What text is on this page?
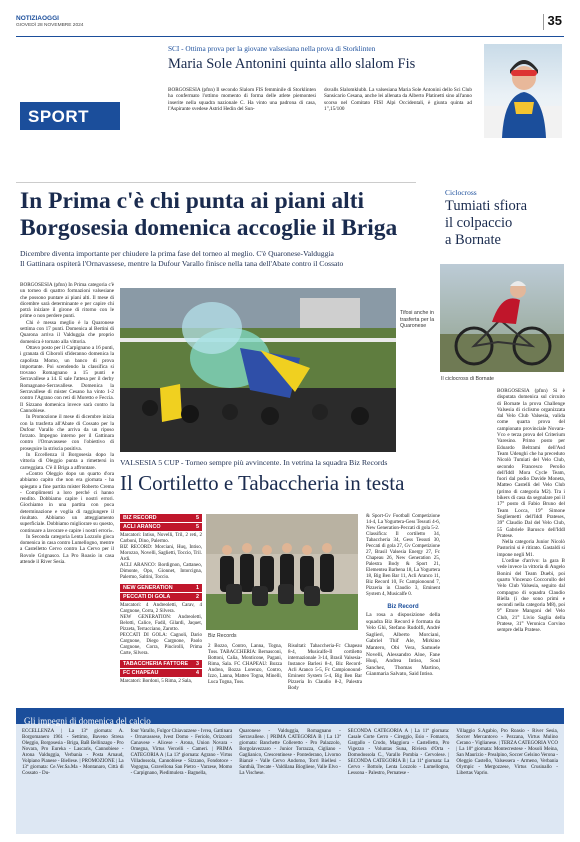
NOTIZIAOGGI
GIOVEDÌ 28 NOVEMBRE 2024	35
SPORT
SCI - Ottima prova per la giovane valsesiana nella prova di Storklinten
Maria Sole Antonini quinta allo slalom Fis

BORGOSESIA (pfnn) Il secondo Slalom FIS femminile di Storklinten ha confermato l'ottimo momento di forma delle atlete piemontesi inserite nella squadra nazionale C. Ha vinto una padrona di casa, l'Aspirante svedese Astrid Hedin del Sun-

dsvalls Slalomklubb. La valsesiana Maria Sole Antonini dello Sci Club Sansicario Cesana, anche lei allenata da Alberto Platinetti sino all'anno scorso nel Comitato FISI Alpi Occidentali, è giunta quinta ad 1",15/100

In Prima c'è chi punta ai piani alti
Borgosesia domenica accoglie il Briga
Dicembre diventa importante per chiudere la prima fase del torneo al meglio. C'è Quaronese-Valduggia
Il Gattinara ospiterà l'Ornavassese, mentre la Dufour Varallo finisce nella tana dell'Abate contro il Cossato

BORGOSESIA (pfnn) In Prima categoria c'è un torneo di quattro formazioni valsesiane che possono puntare ai piani alti. Il mese di dicembre sarà determinante e per capire chi potrà iniziare il girone di ritorno con le prime o non perdere punti.

Chi è messa meglio è la Quaronese settima con 17 punti. Domenica al Bertini di Quarona arriva il Valduggia che proprio domenica è tornato alla vittoria.

Ottavo posto per il Carpignano a 16 punti, i granata di Ciboroli sfideranno domenica la capolista Momo, un banco di prova importante. Poi scendendo la classifica si trovano Romagnano a 15 punti e Serravallese a 14. E sale l'attesa per il derby Romagnano-Serravallese. Domenica la Serravallese di mister Cesano ha vinto 1-2 contro l'Agrano con reti di Moretto e Feccia. Il Sizzano domenica invece sarà contro la Cannobiese.

In Promozione il mese di dicembre inizia con la trasferta all'Abate di Cossato per la Dufour Varallo che arriva da un riposo forzato. Impegno interno per il Gattinara contro l'Ornavassese con l'obiettivo di proseguire la striscia positiva.

In Eccellenza il Borgosesia dopo la vittoria di Oleggio punta a rimettersi in carreggiata. C'è il Briga a affrontare.

«Contro Oleggio dopo un quarto d'ora abbiamo capito che non era giornata - ha spiegato a fine partita mister Roberto Crema - Complimenti a loro perché ci hanno rendito. Dobbiamo capire i nostri errori. Giochiamo in una partita con poca determinazione e voglia di raggiungere il risultato. Abbiamo un atteggiamento superficiale. Dobbiamo migliorare su questo, continuare a lavorare e capire i nostri errori».

In Seconda categoria Lenta Lozzolo gioca domenica in casa contro Lumellogno, mentre a Castelletto Cervo contro La Cervo per il Rovole Grignasco. La Pro Roasio in casa attende il River Sesia.

Tifosi anche in trasferta per la Quaronese
Ciclocross
Tumiati sfiora
il colpaccio
a Bornate
Il ciclocross di Bornate

BORGOSESIA (pfnn) Si è disputata domenica sul circuito di Bornate la prova Challenge Valsesia di ciclismo organizzata dal Velo Club Valsesia, valida come quarta prova del campionato provinciale Novara-Vco e terza prova del Criterium Varesino. Primo posto per Edoardo Beltrami dell'Asd Team Udenghi che ha preceduto Nicolò Tumiati del Velo Club, secondo Francesco Perolio dell'Iddl Mora Cycle Team, fuori dal podio Davide Moneta, Matteo Castelli del Velo Club (primo di categoria M2). Tra i bikers di casa da segnalare poi il 17° posto di Fabio Bruno del Team Locca, 19° Simone Sogliemetti dell'Iddl Prateses, 39° Claudio Dal del Velo Club, 55 Gabriele Barusco dell'Iddl Pratese.

Nella categoria Junior Nicolò Pastorini si è ritirato. Gastaldi si impone negli M1.

L'ordine d'arrivo: la gara B vede invece la vittoria di Angelo Bonini del Team Duebì, poi quarto Vincenzo Coccorullo del Velo Club Valsesia, seguito dal compagno di squadra Claudio Biella (i due sono primi e secondi nella categoria M8), poi 9° Ettore Mangoni del Velo Club, 21° Livio Saglia della Pratese, 31° Veronica Corvino sempre della Pratese.

VALSESIA 5 CUP - Torneo sempre più avvincente. In vetrina la squadra Biz Records
Il Cortiletto e Tabaccheria in testa
BIZ RECORD	5
ACLI ARANCO	5

Marcatori: Intiso, Novelli, Tril, 2 reti, 2 Carboni, Dino, Palermo.

BIZ RECORD: Morciani, Huq, Intiso, Morozzo, Novelli, Saglietti, Toccio, Tril. Ardi.

ACLI ARANCO: Bordignon, Cattaneo, Dimonte, Opo, Gionnet, Intorcigna, Palermo, Saltini, Toccio.

NEW GENERATION	1
PECCATI DI GOLA	2

Marcatori: 4 Andreoletti, Carav, 4 Cargnone, Corra, 2 Silvera.

NEW GENERATION: Andreoletti, Belotti, Calice, Fadil, Gilardi, Jaquet, Pizzeta, Terracciano, Zarotto.

PECCATI DI GOLA: Cagnoli, Dario Cargnone, Diego Cargnone, Paolo Cargnone, Corra, Pincirolli, Prima Carte, Silvera.

TABACCHERIA FATTORE 3
FC CHAPEAU	4

Marcatori: Bordoni, 5 Rima, 2 Sala,

Biz Records

2 Bozzo, Contro, Lanna, Togna, Toss. TABACCHERIA: Bernasconi, Bottoni, Calia, Monticone, Pagani, Rima, Sala. FC CHAPEAU: Bozza Andrea, Bozza Lorenzo, Contro, Izzo, Lanna, Matteo Togna, Minelli, Luca Togna, Toss.

Risultati: Tabaccheria-Fc Chapeau 8-4, Musicalfe-Il cortiletto internazionale 3-14, Brasil Valsesia-Instance Barlesi 8-4, Biz Record-Acli Aranco 5-5, Fc Campionound-Eminent System 5-4, Big Ben Bar Pizzeria In Claudio 8-2, Palestra Body

& Sport-Gv Football Competizione 14-4, La Yogurtera-Gess Tessuti 4-6, New Generation-Peccati di gola 5-2.

Classifica: Il cortiletto 34, Tabaccheria 34, Gess Tessuti 30, Peccati di gola 27, Gv Competizione 27, Brasil Valsesia Energy 27, Fc Chapeau 26, New Generation 25, Palestra Body & Sport 21, Elementea Barbena 18, La Yogurtera 18, Big Ben Bar 11, Acli Aranco 11, Biz Record 10, Fc Campionound 7, Pizzeria in Claudio 3, Eminent System 4, Musicalfe 0.

Biz Record

La rosa a disposizione della squadra Biz Record è formata da Velo Ghi, Stefano Rudolfi, André Saglieri, Alberto Morciani, Gabriel Thif Ale, Mirkino Mantero, Obi Vera, Samuele Novelli, Alessandro Aloe, Fane Huqi, Andrea Intiso, Soul Sanchez, Thomas Martino, Gianmaria Salvato, Said Intiso.

Gli impegni di domenica del calcio

ECCELLENZA | La 13ª giornata: A. Borgomanero 1961 - Settimo, Baveno Stresa Oleggio, Borgosesia - Briga, BaB Bellinzago - Pro Novara, Pro Eureka - Lascaris, Cannobiese - Arona Valduggia, Verbania - Posta Arnaud, Volpiano Pianese - Biellese. | PROMOZIONE | La 13ª giornata: Ce.Ver.Sa.Ma - Montanaro, Città di Cossato - Du-

four Varallo, Fulgor Chiavazzese - Ivrea, Gattinara - Ornavassese, Ivest Domo - Feriolo, Orizzonti Canavese - Alicese - Arona, Union Novara - Omegna, Virtus Vercelli - Cameri. | PRIMA CATEGORIA A | La 13ª giornata: Agrano - Virtus Villadossola, Cannobiese - Sizzano, Fondotoce - Vogogna, Gravellona San Pietro - Varzese, Momo - Carpignano, Piedimulera - Bagnella,

Quaronese - Valduggia, Romagnano - Serravallese. | PRIMA CATEGORIA B | La 13ª giornata: Banchette Colleretto - Pro Palazzolo, Borgolavezzaro - Junior Torrazza, Cigliano - Gaglianico, Crescentinese - Pontederano, Livorno Bianzè - Valle Cervo Andorno, Torri Biellesi - Santhià, Trecate - Valdilana Biogliese, Valle Elvo - La Vischese.

SECONDA CATEGORIA A | La 11ª giornata: Casale Corte Cerro - Cireggio, Esio - Fomarco, Gargallo - Crodo, Maggiora - Castelletto, Pro Vigezzo - Voluntas Suna, Riviera d'Orta - Domodossola C., Varallo Pombia - Cervolese. | SECONDA CATEGORIA B | La 11ª giornata: La Cervo - Bottole, Lenta Lozzolo - Lumellogno, Lessona - Palestro, Pernatese -

Villaggio S.Agabio, Pro Roasio - River Sesia, Soccer Mercantovo - Pezzana, Virtus Mulino Cerano - Viglianese. | TERZA CATEGORIA VCO | La 10ª giornata: Montecrestese - Mosoli Meina, San Maurizio - Prealpino, Soccer Gelsino Verona - Oleggio Castello, Valsessera - Armeno, Verbania Olympic - Mergozzese, Virtus Crusinallo - Libertas Vaprio.
